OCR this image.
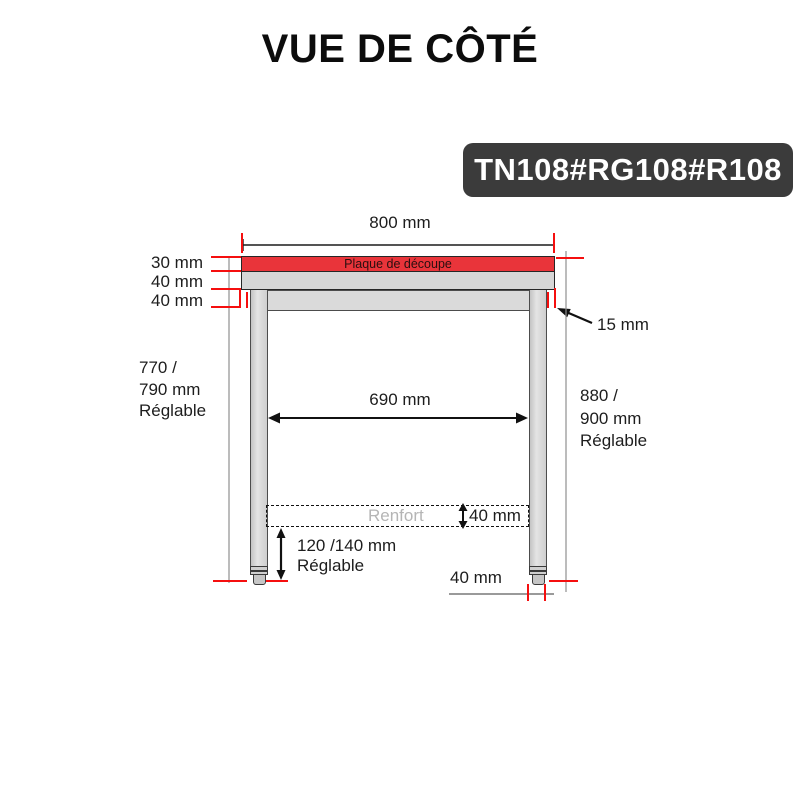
VUE DE CÔTÉ
TN108#RG108#R108
Plaque de découpe
800 mm
30 mm
40 mm
40 mm
770 /
790 mm
Réglable
880 /
900 mm
Réglable
15 mm
690 mm
Renfort	40 mm
120 /140 mm
Réglable
40 mm
